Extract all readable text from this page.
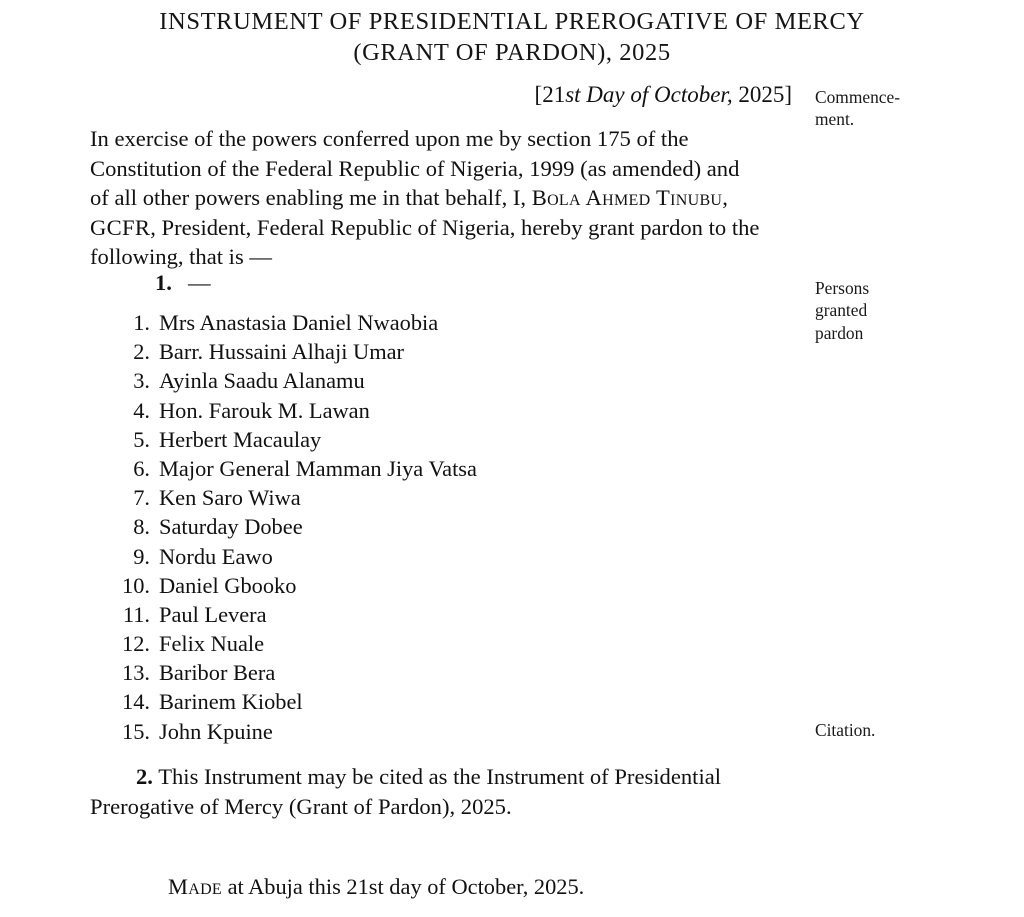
INSTRUMENT OF PRESIDENTIAL PREROGATIVE OF MERCY
(GRANT OF PARDON), 2025
[21st Day of October, 2025] Commence-
ment.
In exercise of the powers conferred upon me by section 175 of the
Constitution of the Federal Republic of Nigeria, 1999 (as amended) and
of all other powers enabling me in that behalf, I, Bola Ahmed Tinubu,
GCFR, President, Federal Republic of Nigeria, hereby grant pardon to the
following, that is —
1. —	Persons
granted
pardon
1. Mrs Anastasia Daniel Nwaobia
2. Barr. Hussaini Alhaji Umar
3. Ayinla Saadu Alanamu
4. Hon. Farouk M. Lawan
5. Herbert Macaulay
6. Major General Mamman Jiya Vatsa
7. Ken Saro Wiwa
8. Saturday Dobee
9. Nordu Eawo
10. Daniel Gbooko
11. Paul Levera
12. Felix Nuale
13. Baribor Bera
14. Barinem Kiobel
15. John Kpuine	Citation.
2. This Instrument may be cited as the Instrument of Presidential
Prerogative of Mercy (Grant of Pardon), 2025.
Made at Abuja this 21st day of October, 2025.
